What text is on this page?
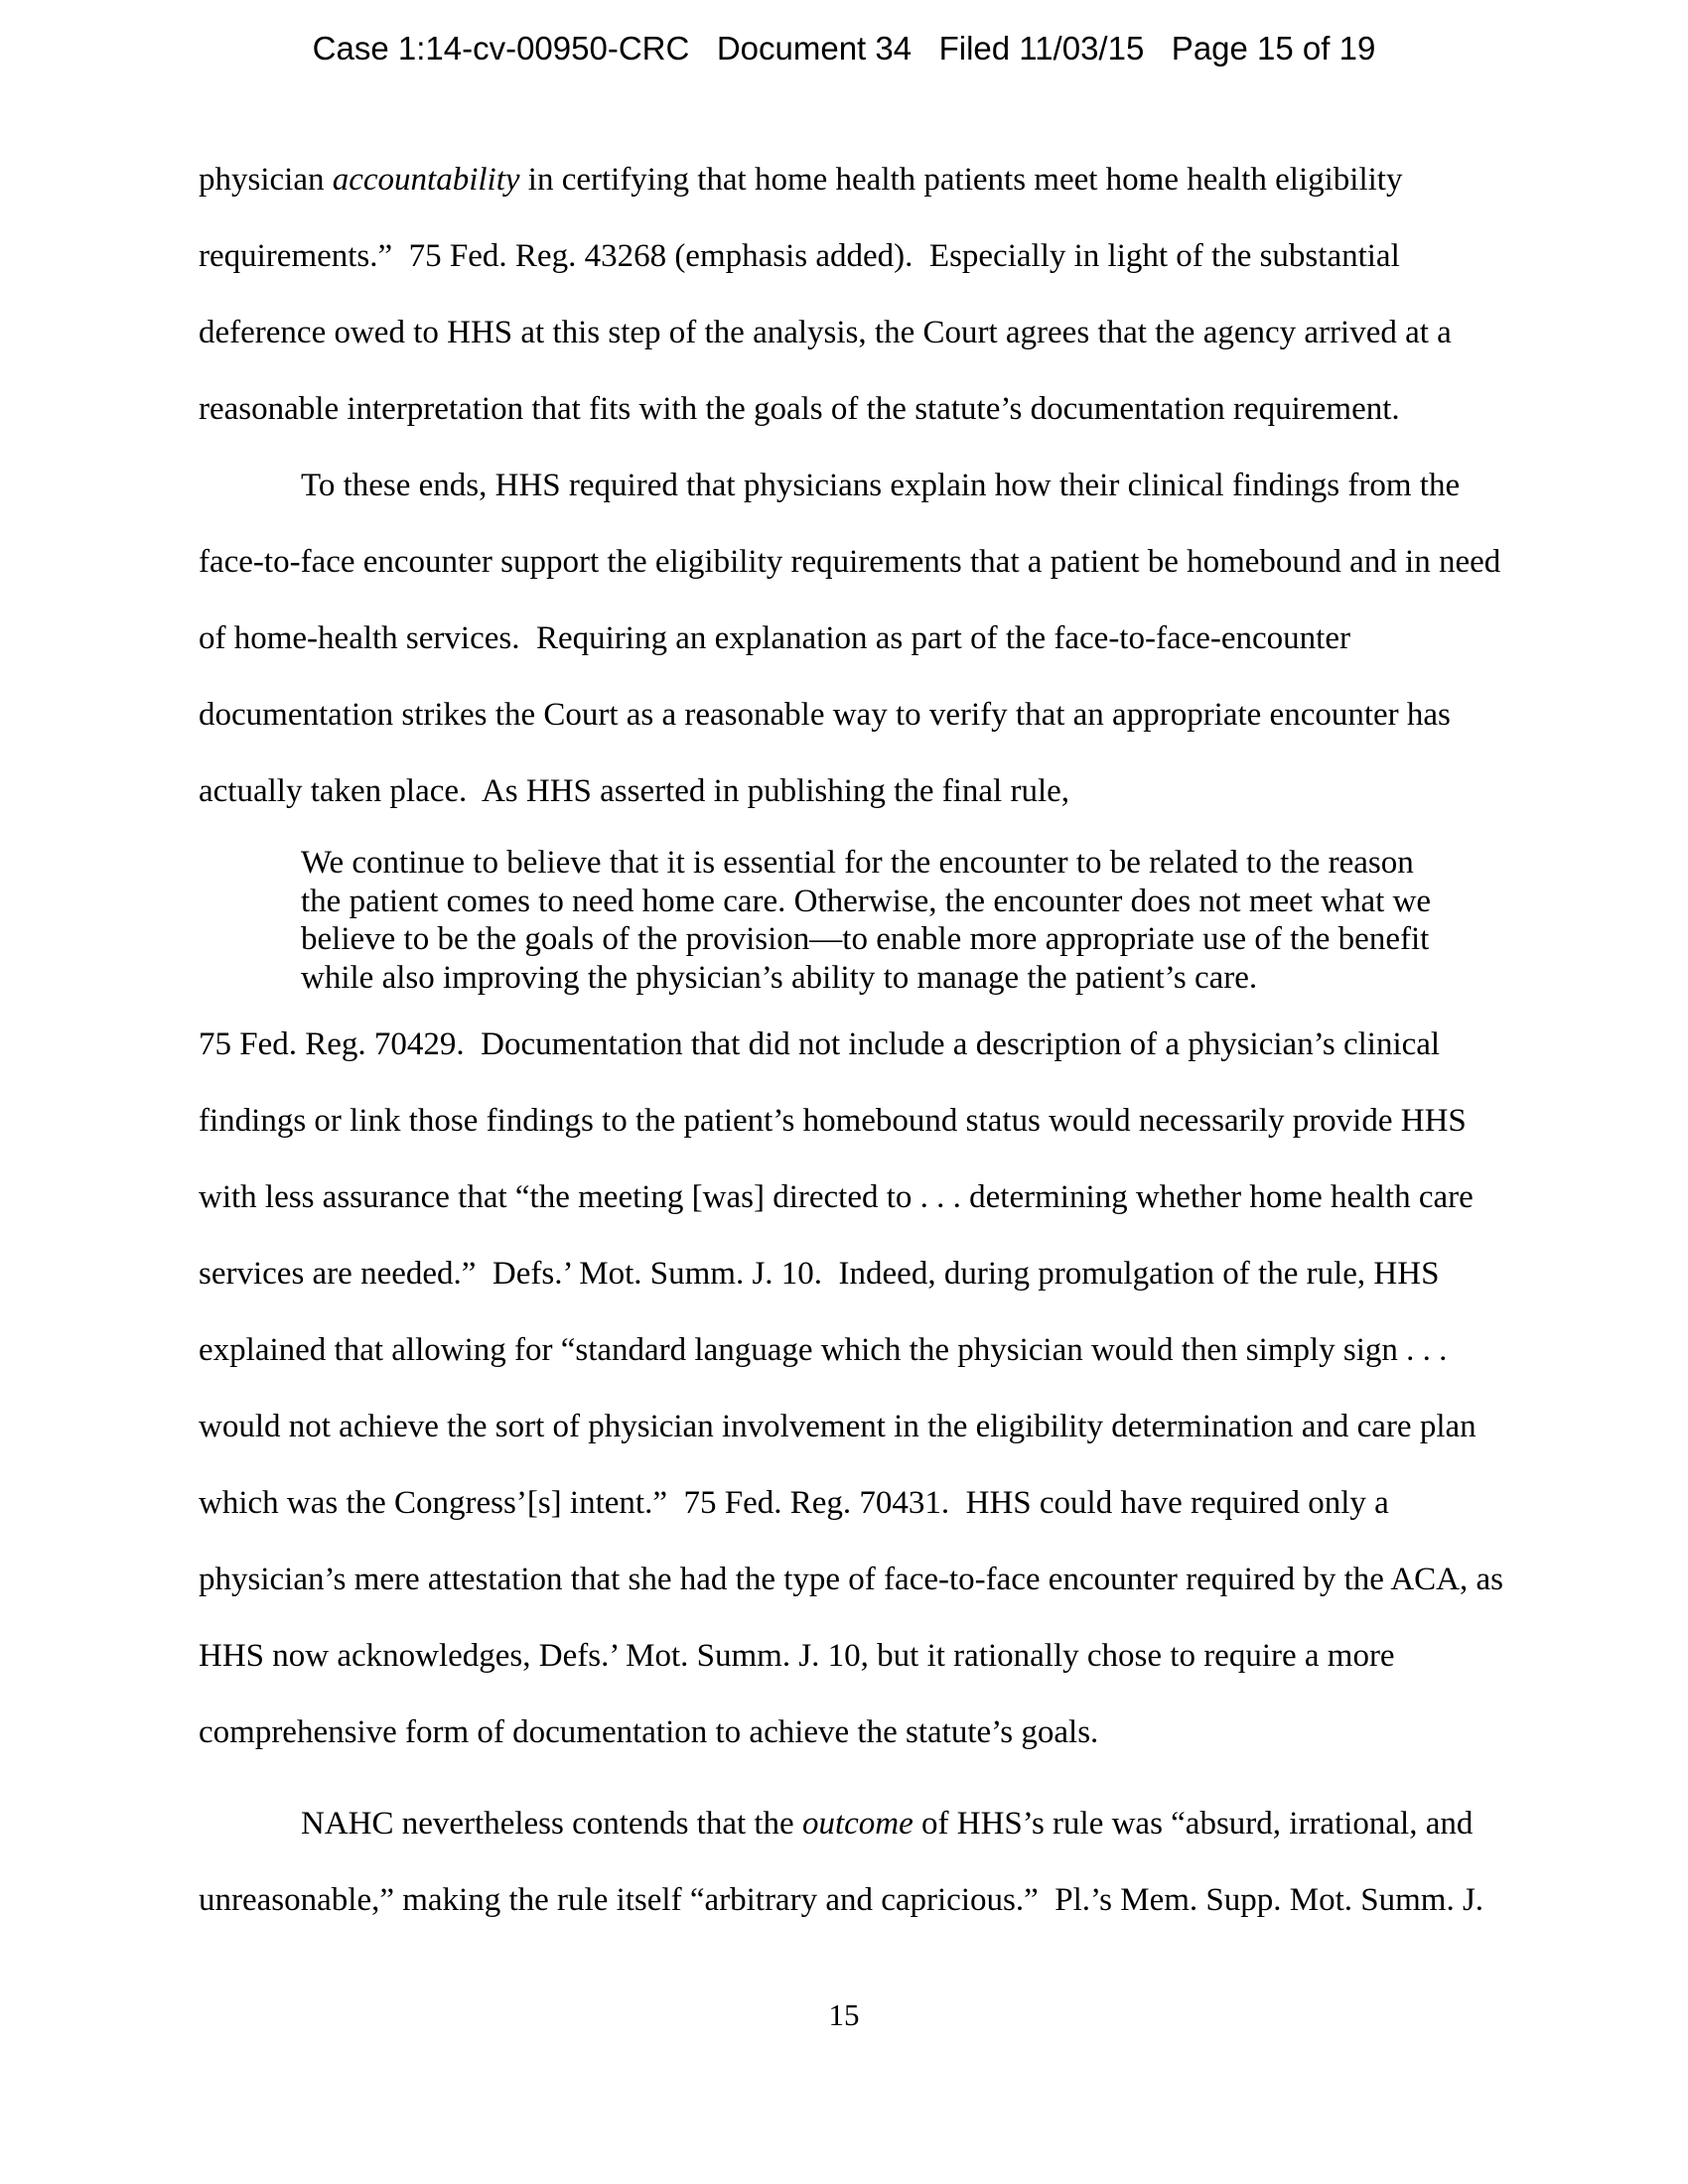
Case 1:14-cv-00950-CRC   Document 34   Filed 11/03/15   Page 15 of 19
physician accountability in certifying that home health patients meet home health eligibility
requirements.”  75 Fed. Reg. 43268 (emphasis added).  Especially in light of the substantial
deference owed to HHS at this step of the analysis, the Court agrees that the agency arrived at a
reasonable interpretation that fits with the goals of the statute’s documentation requirement.
To these ends, HHS required that physicians explain how their clinical findings from the
face-to-face encounter support the eligibility requirements that a patient be homebound and in need
of home-health services.  Requiring an explanation as part of the face-to-face-encounter
documentation strikes the Court as a reasonable way to verify that an appropriate encounter has
actually taken place.  As HHS asserted in publishing the final rule,
We continue to believe that it is essential for the encounter to be related to the reason
the patient comes to need home care. Otherwise, the encounter does not meet what we
believe to be the goals of the provision—to enable more appropriate use of the benefit
while also improving the physician’s ability to manage the patient’s care.
75 Fed. Reg. 70429.  Documentation that did not include a description of a physician’s clinical
findings or link those findings to the patient’s homebound status would necessarily provide HHS
with less assurance that “the meeting [was] directed to . . . determining whether home health care
services are needed.”  Defs.’ Mot. Summ. J. 10.  Indeed, during promulgation of the rule, HHS
explained that allowing for “standard language which the physician would then simply sign . . .
would not achieve the sort of physician involvement in the eligibility determination and care plan
which was the Congress’[s] intent.”  75 Fed. Reg. 70431.  HHS could have required only a
physician’s mere attestation that she had the type of face-to-face encounter required by the ACA, as
HHS now acknowledges, Defs.’ Mot. Summ. J. 10, but it rationally chose to require a more
comprehensive form of documentation to achieve the statute’s goals.
NAHC nevertheless contends that the outcome of HHS’s rule was “absurd, irrational, and
unreasonable,” making the rule itself “arbitrary and capricious.”  Pl.’s Mem. Supp. Mot. Summ. J.
15
